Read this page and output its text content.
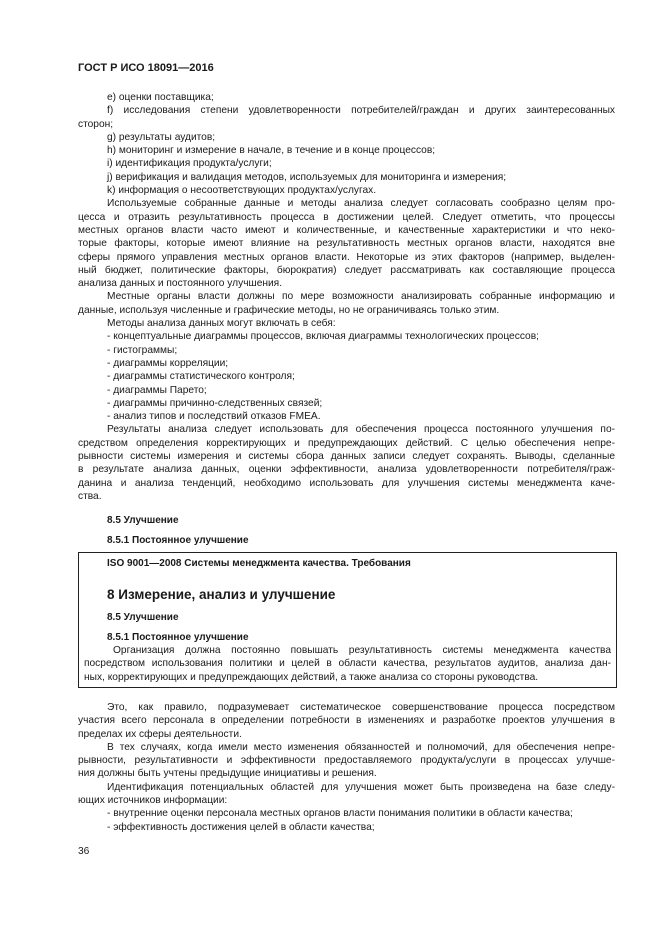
ГОСТ Р ИСО 18091—2016
e) оценки поставщика;
f) исследования степени удовлетворенности потребителей/граждан и других заинтересованных
сторон;
g) результаты аудитов;
h) мониторинг и измерение в начале, в течение и в конце процессов;
i) идентификация продукта/услуги;
j) верификация и валидация методов, используемых для мониторинга и измерения;
k) информация о несоответствующих продуктах/услугах.
Используемые собранные данные и методы анализа следует согласовать сообразно целям про-
цесса и отразить результативность процесса в достижении целей. Следует отметить, что процессы
местных органов власти часто имеют и количественные, и качественные характеристики и что неко-
торые факторы, которые имеют влияние на результативность местных органов власти, находятся вне
сферы прямого управления местных органов власти. Некоторые из этих факторов (например, выделен-
ный бюджет, политические факторы, бюрократия) следует рассматривать как составляющие процесса
анализа данных и постоянного улучшения.
Местные органы власти должны по мере возможности анализировать собранные информацию и
данные, используя численные и графические методы, но не ограничиваясь только этим.
Методы анализа данных могут включать в себя:
- концептуальные диаграммы процессов, включая диаграммы технологических процессов;
- гистограммы;
- диаграммы корреляции;
- диаграммы статистического контроля;
- диаграммы Парето;
- диаграммы причинно-следственных связей;
- анализ типов и последствий отказов FMEA.
Результаты анализа следует использовать для обеспечения процесса постоянного улучшения по-
средством определения корректирующих и предупреждающих действий. С целью обеспечения непре-
рывности системы измерения и системы сбора данных записи следует сохранять. Выводы, сделанные
в результате анализа данных, оценки эффективности, анализа удовлетворенности потребителя/граж-
данина и анализа тенденций, необходимо использовать для улучшения системы менеджмента каче-
ства.
8.5 Улучшение
8.5.1 Постоянное улучшение
ISO 9001—2008 Системы менеджмента качества. Требования
8 Измерение, анализ и улучшение
8.5 Улучшение
8.5.1 Постоянное улучшение
Организация должна постоянно повышать результативность системы менеджмента качества
посредством использования политики и целей в области качества, результатов аудитов, анализа дан-
ных, корректирующих и предупреждающих действий, а также анализа со стороны руководства.
Это, как правило, подразумевает систематическое совершенствование процесса посредством
участия всего персонала в определении потребности в изменениях и разработке проектов улучшения в
пределах их сферы деятельности.
В тех случаях, когда имели место изменения обязанностей и полномочий, для обеспечения непре-
рывности, результативности и эффективности предоставляемого продукта/услуги в процессах улучше-
ния должны быть учтены предыдущие инициативы и решения.
Идентификация потенциальных областей для улучшения может быть произведена на базе следу-
ющих источников информации:
- внутренние оценки персонала местных органов власти понимания политики в области качества;
- эффективность достижения целей в области качества;
36
